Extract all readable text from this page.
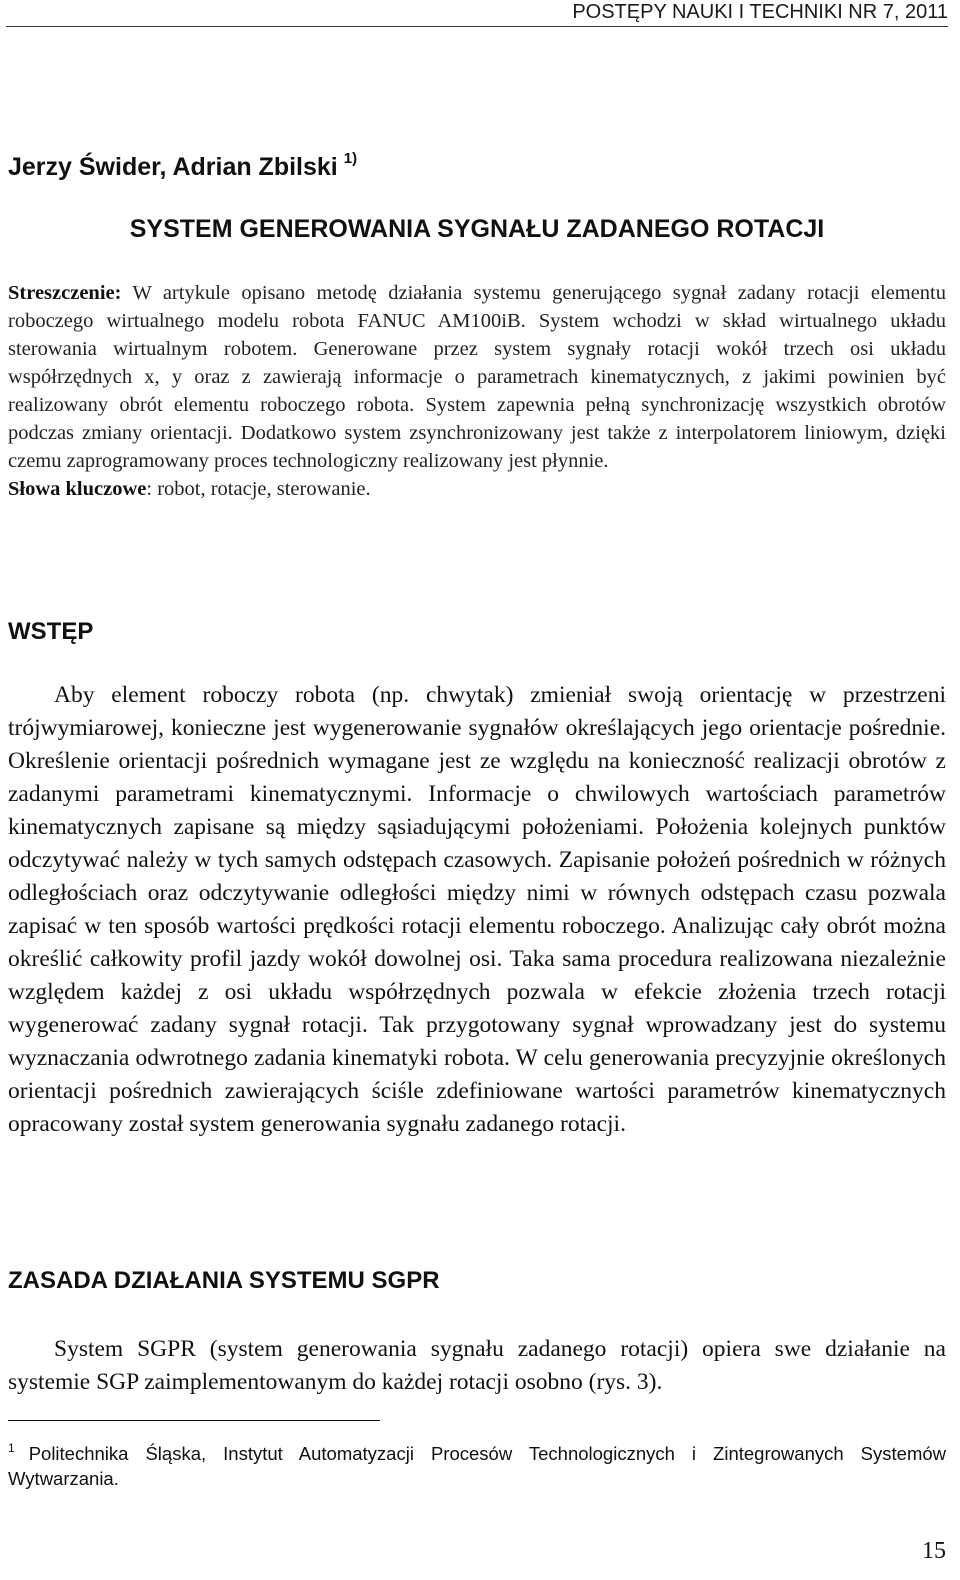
POSTĘPY NAUKI I TECHNIKI NR 7, 2011
Jerzy Świder, Adrian Zbilski $^{1)}$
SYSTEM GENEROWANIA SYGNAŁU ZADANEGO ROTACJI

Streszczenie: W artykule opisano metodę działania systemu generującego sygnał zadany rotacji elementu roboczego wirtualnego modelu robota FANUC AM100iB. System wchodzi w skład wirtualnego układu sterowania wirtualnym robotem. Generowane przez system sygnały rotacji wokół trzech osi układu współrzędnych x, y oraz z zawierają informacje o parametrach kinematycznych, z jakimi powinien być realizowany obrót elementu roboczego robota. System zapewnia pełną synchronizację wszystkich obrotów podczas zmiany orientacji. Dodatkowo system zsynchronizowany jest także z interpolatorem liniowym, dzięki czemu zaprogramowany proces technologiczny realizowany jest płynnie.

Słowa kluczowe: robot, rotacje, sterowanie.

WSTĘP

Aby element roboczy robota (np. chwytak) zmieniał swoją orientację w przestrzeni trójwymiarowej, konieczne jest wygenerowanie sygnałów określających jego orientacje pośrednie. Określenie orientacji pośrednich wymagane jest ze względu na konieczność realizacji obrotów z zadanymi parametrami kinematycznymi. Informacje o chwilowych wartościach parametrów kinematycznych zapisane są między sąsiadującymi położeniami. Położenia kolejnych punktów odczytywać należy w tych samych odstępach czasowych. Zapisanie położeń pośrednich w różnych odległościach oraz odczytywanie odległości między nimi w równych odstępach czasu pozwala zapisać w ten sposób wartości prędkości rotacji elementu roboczego. Analizując cały obrót można określić całkowity profil jazdy wokół dowolnej osi. Taka sama procedura realizowana niezależnie względem każdej z osi układu współrzędnych pozwala w efekcie złożenia trzech rotacji wygenerować zadany sygnał rotacji. Tak przygotowany sygnał wprowadzany jest do systemu wyznaczania odwrotnego zadania kinematyki robota. W celu generowania precyzyjnie określonych orientacji pośrednich zawierających ściśle zdefiniowane wartości parametrów kinematycznych opracowany został system generowania sygnału zadanego rotacji.

ZASADA DZIAŁANIA SYSTEMU SGPR

System SGPR (system generowania sygnału zadanego rotacji) opiera swe działanie na systemie SGP zaimplementowanym do każdej rotacji osobno (rys. 3).

$^1$ Politechnika Śląska, Instytut Automatyzacji Procesów Technologicznych i Zintegrowanych Systemów Wytwarzania.
15
